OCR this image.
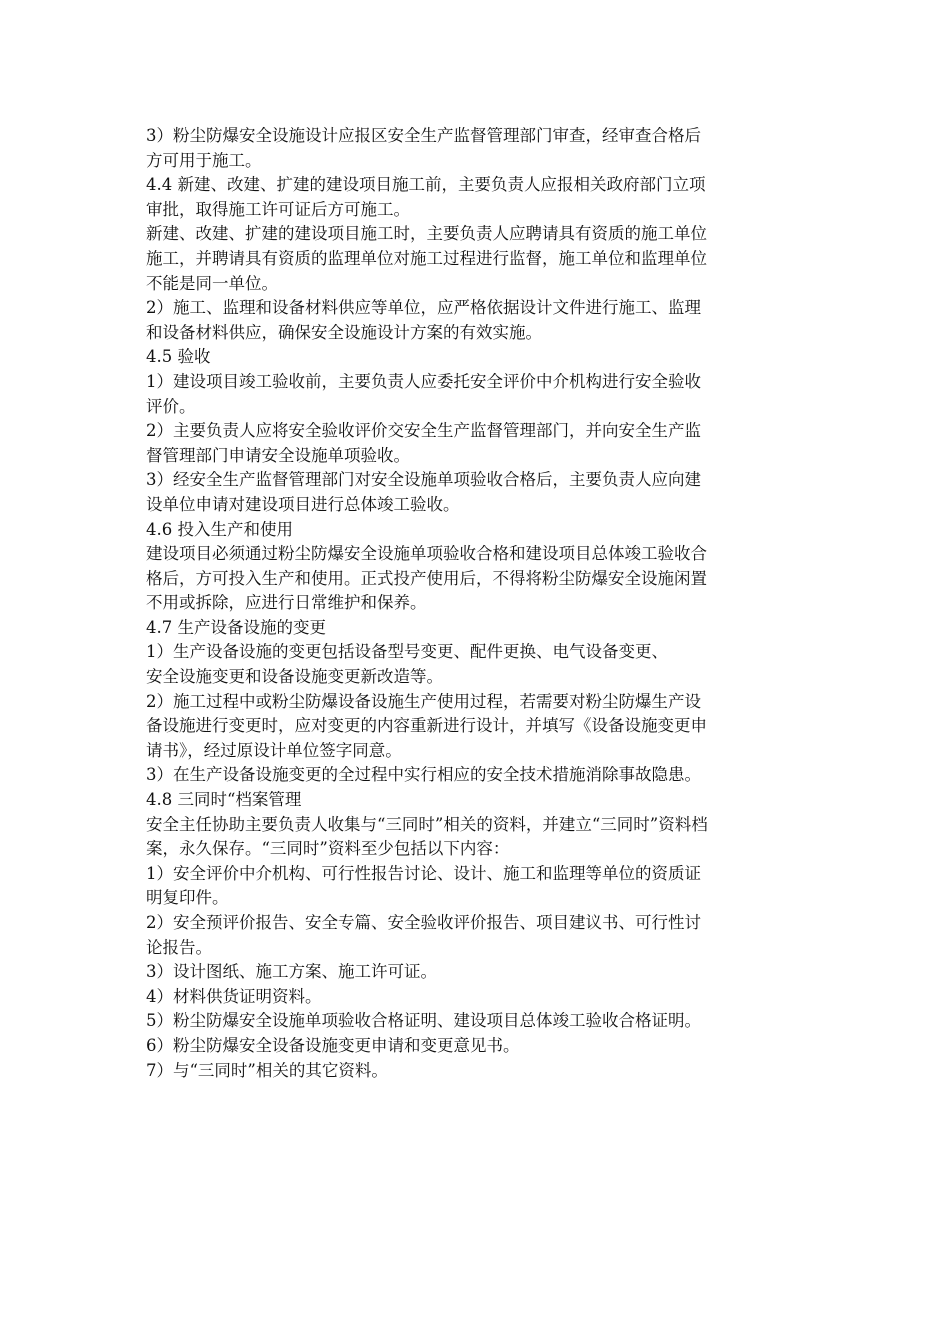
3）粉尘防爆安全设施设计应报区安全生产监督管理部门审查，经审查合格后
方可用于施工。

4.4 新建、改建、扩建的建设项目施工前，主要负责人应报相关政府部门立项
审批，取得施工许可证后方可施工。

新建、改建、扩建的建设项目施工时，主要负责人应聘请具有资质的施工单位
施工，并聘请具有资质的监理单位对施工过程进行监督，施工单位和监理单位
不能是同一单位。

2）施工、监理和设备材料供应等单位，应严格依据设计文件进行施工、监理
和设备材料供应，确保安全设施设计方案的有效实施。

4.5 验收

1）建设项目竣工验收前，主要负责人应委托安全评价中介机构进行安全验收
评价。

2）主要负责人应将安全验收评价交安全生产监督管理部门，并向安全生产监
督管理部门申请安全设施单项验收。

3）经安全生产监督管理部门对安全设施单项验收合格后，主要负责人应向建
设单位申请对建设项目进行总体竣工验收。

4.6 投入生产和使用

建设项目必须通过粉尘防爆安全设施单项验收合格和建设项目总体竣工验收合
格后，方可投入生产和使用。正式投产使用后，不得将粉尘防爆安全设施闲置
不用或拆除，应进行日常维护和保养。

4.7 生产设备设施的变更

1）生产设备设施的变更包括设备型号变更、配件更换、电气设备变更、
安全设施变更和设备设施变更新改造等。

2）施工过程中或粉尘防爆设备设施生产使用过程，若需要对粉尘防爆生产设
备设施进行变更时，应对变更的内容重新进行设计，并填写《设备设施变更申
请书》，经过原设计单位签字同意。

3）在生产设备设施变更的全过程中实行相应的安全技术措施消除事故隐患。

4.8 三同时“档案管理

安全主任协助主要负责人收集与“三同时”相关的资料，并建立“三同时”资料档
案，永久保存。“三同时”资料至少包括以下内容：

1）安全评价中介机构、可行性报告讨论、设计、施工和监理等单位的资质证
明复印件。

2）安全预评价报告、安全专篇、安全验收评价报告、项目建议书、可行性讨
论报告。

3）设计图纸、施工方案、施工许可证。

4）材料供货证明资料。

5）粉尘防爆安全设施单项验收合格证明、建设项目总体竣工验收合格证明。

6）粉尘防爆安全设备设施变更申请和变更意见书。

7）与“三同时”相关的其它资料。
